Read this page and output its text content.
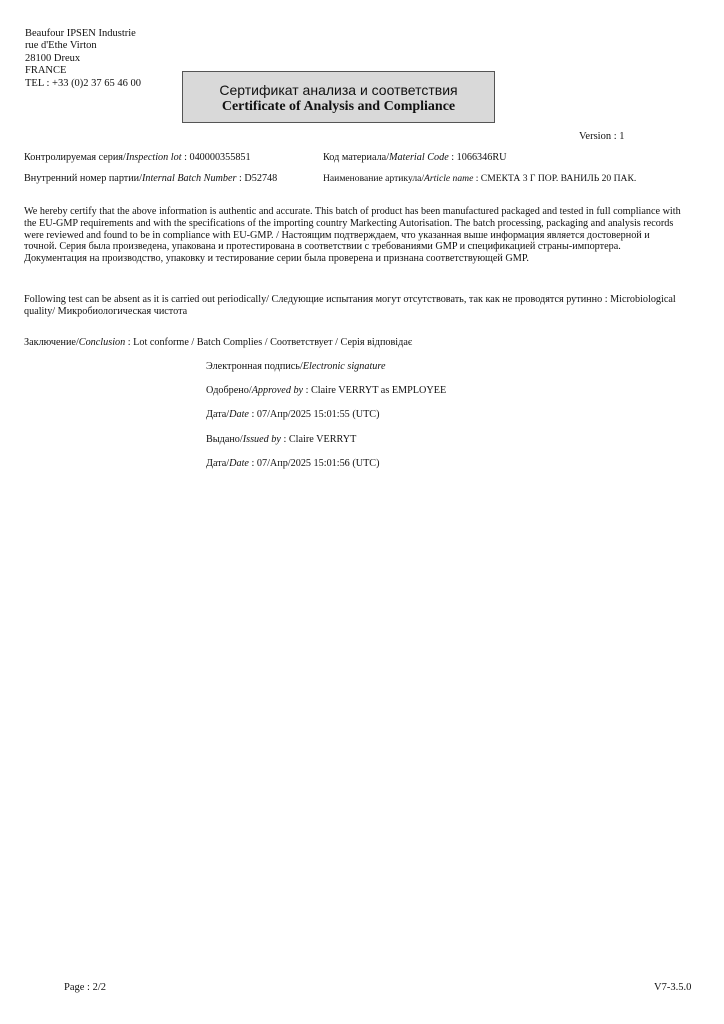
Beaufour IPSEN Industrie
rue d'Ethe Virton
28100 Dreux
FRANCE
TEL : +33 (0)2 37 65 46 00	Сертификат анализа и соответствия
Certificate of Analysis and Compliance
Version : 1
Контролируемая серия/Inspection lot : 040000355851	Код материала/Material Code : 1066346RU
Внутренний номер партии/Internal Batch Number : D52748	Наименование артикула/Article name : СМЕКТА 3 Г ПОР. ВАНИЛЬ 20 ПАК.
We hereby certify that the above information is authentic and accurate. This batch of product has been manufactured packaged and tested in full compliance with the EU-GMP requirements and with the specifications of the importing country Markecting Autorisation. The batch processing, packaging and analysis records were reviewed and found to be in compliance with EU-GMP. / Настоящим подтверждаем, что указанная выше информация является достоверной и точной. Серия была произведена, упакована и протестирована в соответствии с требованиями GMP и спецификацией страны-импортера. Документация на производство, упаковку и тестирование серии была проверена и признана соответствующей GMP.
Following test can be absent as it is carried out periodically/ Следующие испытания могут отсутствовать, так как не проводятся рутинно : Microbiological quality/ Микробиологическая чистота
Заключение/Conclusion : Lot conforme / Batch Complies / Соответствует / Серія відповідає
Электронная подпись/Electronic signature
Одобрено/Approved by : Claire VERRYT as EMPLOYEE
Дата/Date : 07/Апр/2025 15:01:55 (UTC)
Выдано/Issued by : Claire VERRYT
Дата/Date : 07/Апр/2025 15:01:56 (UTC)
Page : 2/2	V7-3.5.0
